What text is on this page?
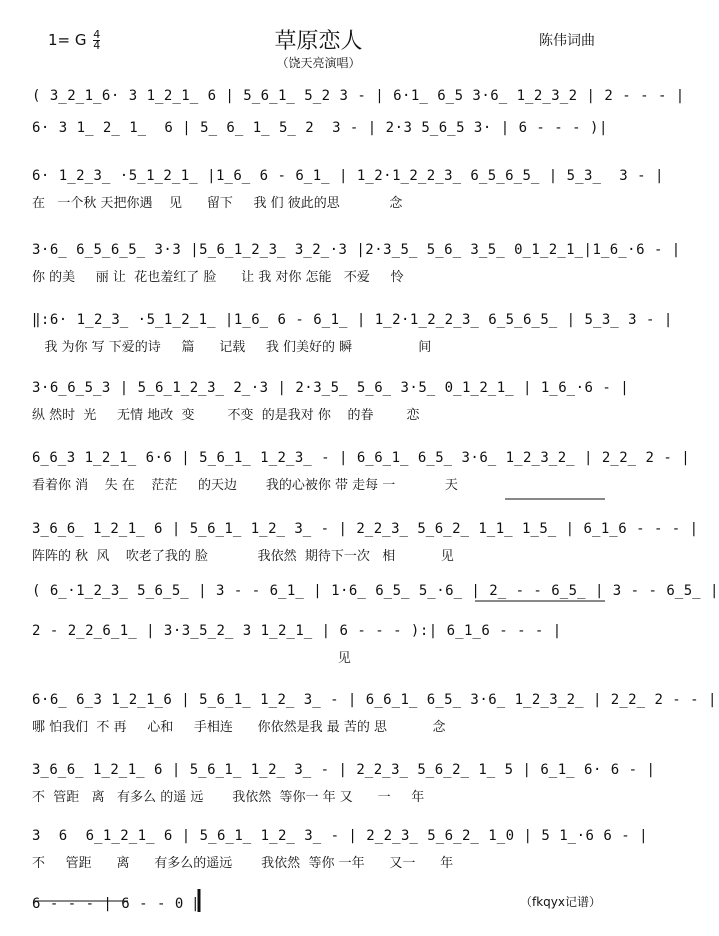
1= G $\frac{4}{4}$	草原恋人	陈伟词曲
（饶天亮演唱）
( 3̲2̲1̲6· 3 1̲2̲1̲ 6 | 5̲6̲1̲ 5̲2 3 - | 6·1̲ 6̲5 3·6̲ 1̲2̲3̲2 | 2 - - - |
6· 3 1̲ 2̲ 1̲  6 | 5̲ 6̲ 1̲ 5̲ 2  3 - | 2·3 5̲6̲5 3· | 6 - - - )|
6· 1̲2̲3̲ ·5̲1̲2̲1̲ |1̲6̲ 6 - 6̲1̲ | 1̲2·1̲2̲2̲3̲ 6̲5̲6̲5̲ | 5̲3̲  3 - |
在   一个秋 天把你遇    见      留下     我 们 彼此的思            念
3·6̲ 6̲5̲6̲5̲ 3·3 |5̲6̲1̲2̲3̲ 3̲2̲·3 |2·3̲5̲ 5̲6̲ 3̲5̲ 0̲1̲2̲1̲|1̲6̲·6 - |
你 的美     丽 让  花也羞红了 脸      让 我 对你 怎能   不爱     怜
‖:6· 1̲2̲3̲ ·5̲1̲2̲1̲ |1̲6̲ 6 - 6̲1̲ | 1̲2·1̲2̲2̲3̲ 6̲5̲6̲5̲ | 5̲3̲ 3 - |
我 为你 写 下爱的诗     篇      记载     我 们美好的 瞬                间
3·6̲6̲5̲3 | 5̲6̲1̲2̲3̲ 2̲·3 | 2·3̲5̲ 5̲6̲ 3·5̲ 0̲1̲2̲1̲ | 1̲6̲·6 - |
纵 然时  光     无情 地改  变        不变  的是我对 你    的眷        恋
6̲6̲3 1̲2̲1̲ 6·6 | 5̲6̲1̲ 1̲2̲3̲ - | 6̲6̲1̲ 6̲5̲ 3·6̲ 1̲2̲3̲2̲ | 2̲2̲ 2 - |
看着你 消    失 在    茫茫     的天边       我的心被你 带 走每 一            天
3̲6̲6̲ 1̲2̲1̲ 6 | 5̲6̲1̲ 1̲2̲ 3̲ - | 2̲2̲3̲ 5̲6̲2̲ 1̲1̲ 1̲5̲ | 6̲1̲6 - - - |
阵阵的 秋  风    吹老了我的 脸            我依然  期待下一次   相           见
( 6̲·1̲2̲3̲ 5̲6̲5̲ | 3 - - 6̲1̲ | 1·6̲ 6̲5̲ 5̲·6̲ | 2̲ - - 6̲5̲ | 3 - - 6̲5̲ |
2 - 2̲2̲6̲1̲ | 3·3̲5̲2̲ 3 1̲2̲1̲ | 6 - - - ):| 6̲1̲6 - - - |
见
6·6̲ 6̲3 1̲2̲1̲6 | 5̲6̲1̲ 1̲2̲ 3̲ - | 6̲6̲1̲ 6̲5̲ 3·6̲ 1̲2̲3̲2̲ | 2̲2̲ 2 - - |
哪 怕我们  不 再     心和     手相连      你依然是我 最 苦的 思           念
3̲6̲6̲ 1̲2̲1̲ 6 | 5̲6̲1̲ 1̲2̲ 3̲ - | 2̲2̲3̲ 5̲6̲2̲ 1̲ 5 | 6̲1̲ 6· 6 - |
不  管距   离   有多么 的遥 远       我依然  等你一 年 又      一     年
3  6  6̲1̲2̲1̲ 6 | 5̲6̲1̲ 1̲2̲ 3̲ - | 2̲2̲3̲ 5̲6̲2̲ 1̲0 | 5 1̲·6 6 - |
不     管距      离      有多么的遥远       我依然  等你 一年      又一      年
6 - - - | 6 - - 0 ‖	（fkqyx记谱）
